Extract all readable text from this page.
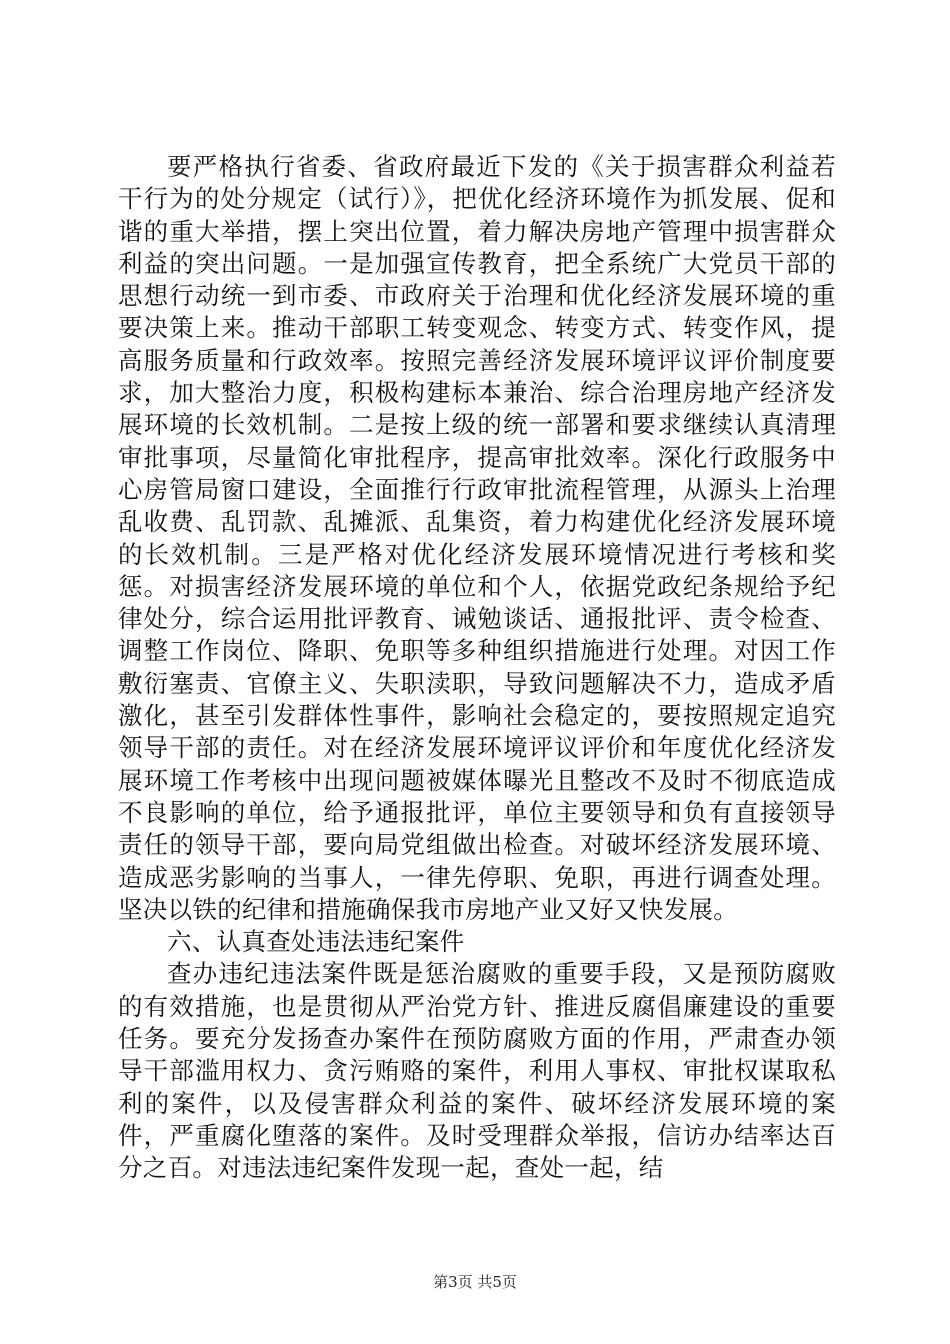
要严格执行省委、省政府最近下发的《关于损害群众利益若干行为的处分规定（试行）》，把优化经济环境作为抓发展、促和谐的重大举措，摆上突出位置，着力解决房地产管理中损害群众利益的突出问题。一是加强宣传教育，把全系统广大党员干部的思想行动统一到市委、市政府关于治理和优化经济发展环境的重要决策上来。推动干部职工转变观念、转变方式、转变作风，提高服务质量和行政效率。按照完善经济发展环境评议评价制度要求，加大整治力度，积极构建标本兼治、综合治理房地产经济发展环境的长效机制。二是按上级的统一部署和要求继续认真清理审批事项，尽量简化审批程序，提高审批效率。深化行政服务中心房管局窗口建设，全面推行行政审批流程管理，从源头上治理乱收费、乱罚款、乱摊派、乱集资，着力构建优化经济发展环境的长效机制。三是严格对优化经济发展环境情况进行考核和奖惩。对损害经济发展环境的单位和个人，依据党政纪条规给予纪律处分，综合运用批评教育、诫勉谈话、通报批评、责令检查、调整工作岗位、降职、免职等多种组织措施进行处理。对因工作敷衍塞责、官僚主义、失职渎职，导致问题解决不力，造成矛盾激化，甚至引发群体性事件，影响社会稳定的，要按照规定追究领导干部的责任。对在经济发展环境评议评价和年度优化经济发展环境工作考核中出现问题被媒体曝光且整改不及时不彻底造成不良影响的单位，给予通报批评，单位主要领导和负有直接领导责任的领导干部，要向局党组做出检查。对破坏经济发展环境、造成恶劣影响的当事人，一律先停职、免职，再进行调查处理。坚决以铁的纪律和措施确保我市房地产业又好又快发展。

六、认真查处违法违纪案件

查办违纪违法案件既是惩治腐败的重要手段，又是预防腐败的有效措施，也是贯彻从严治党方针、推进反腐倡廉建设的重要任务。要充分发扬查办案件在预防腐败方面的作用，严肃查办领导干部滥用权力、贪污贿赂的案件，利用人事权、审批权谋取私利的案件，以及侵害群众利益的案件、破坏经济发展环境的案件，严重腐化堕落的案件。及时受理群众举报，信访办结率达百分之百。对违法违纪案件发现一起，查处一起，结

第3页 共5页
